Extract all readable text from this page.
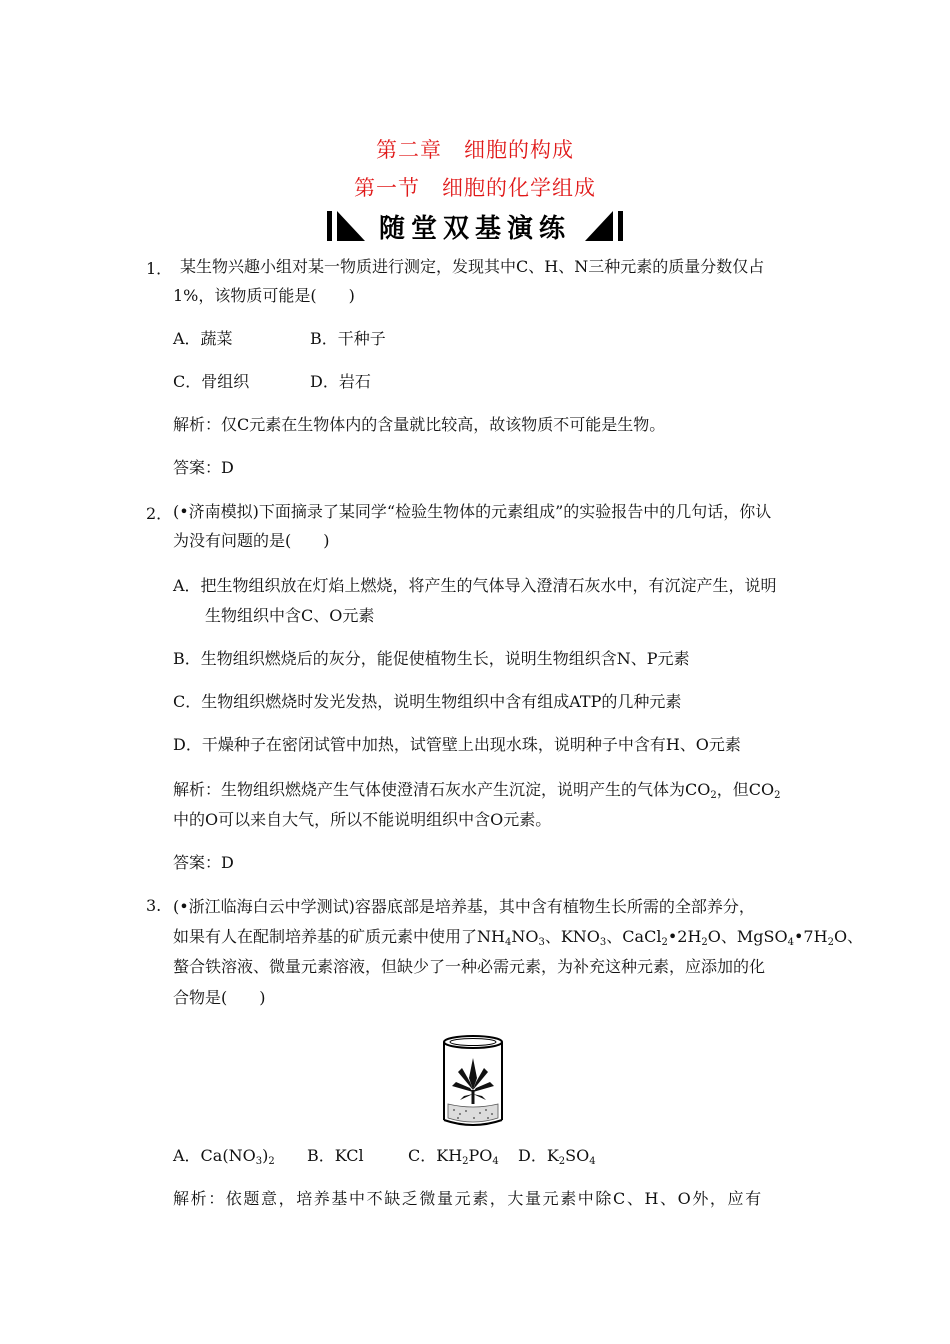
第二章　细胞的构成
第一节　细胞的化学组成
随堂双基演练
1． 某生物兴趣小组对某一物质进行测定，发现其中C、H、N三种元素的质量分数仅占
1%，该物质可能是(　　)
A．蔬菜	B．干种子
C．骨组织	D．岩石
解析：仅C元素在生物体内的含量就比较高，故该物质不可能是生物。
答案：D
2． (•济南模拟)下面摘录了某同学“检验生物体的元素组成”的实验报告中的几句话，你认
为没有问题的是(　　)
A．把生物组织放在灯焰上燃烧，将产生的气体导入澄清石灰水中，有沉淀产生，说明
生物组织中含C、O元素
B．生物组织燃烧后的灰分，能促使植物生长，说明生物组织含N、P元素
C．生物组织燃烧时发光发热，说明生物组织中含有组成ATP的几种元素
D．干燥种子在密闭试管中加热，试管壁上出现水珠，说明种子中含有H、O元素
解析：生物组织燃烧产生气体使澄清石灰水产生沉淀，说明产生的气体为$CO_2$，但$CO_2$
中的O可以来自大气，所以不能说明组织中含O元素。
答案：D
3. (•浙江临海白云中学测试)容器底部是培养基，其中含有植物生长所需的全部养分，
如果有人在配制培养基的矿质元素中使用了$NH_4NO_3$、$KNO_3$、$CaCl_2•2H_2O$、$MgSO_4•7H_2O$、
螯合铁溶液、微量元素溶液，但缺少了一种必需元素，为补充这种元素，应添加的化
合物是(　　)
A．$Ca(NO_3)_2$ B．KCl	C．$KH_2PO_4$ D．$K_2SO_4$
解析：依题意，培养基中不缺乏微量元素，大量元素中除C、H、O外，应有
